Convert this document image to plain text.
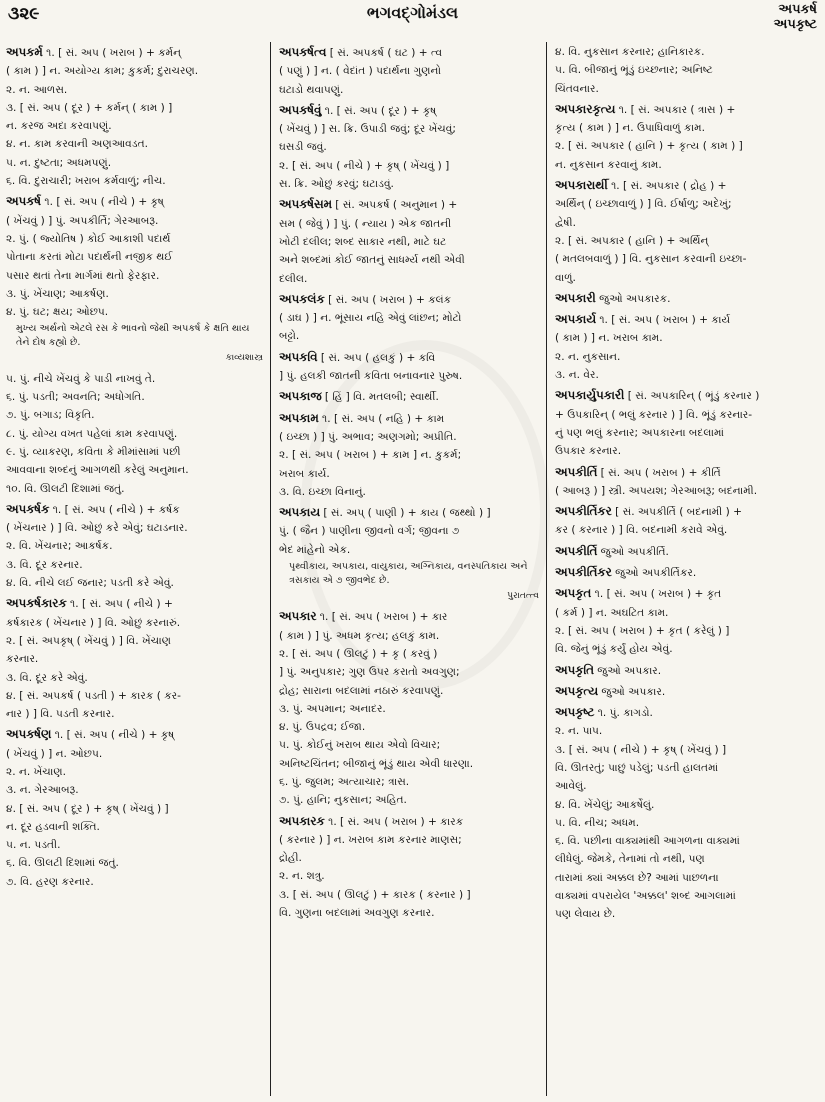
૩૨૯	ભગવદ્ગોમંડલ	અપકર્ષ
અપકૃષ્ટ
અપકર્મ ૧. [ સં. અપ ( ખરાબ ) + કર્મન્
( કામ ) ] ન. અયોગ્ય કામ; કુકર્મ; દુરાચરણ.
૨. ન. આળસ.
૩. [ સં. અપ ( દૂર ) + કર્મન્ ( કામ ) ]
ન. કરજ અદા કરવાપણું.
૪. ન. કામ કરવાની અણઆવડત.
૫. ન. દુષ્ટતા; અધમપણું.
૬. વિ. દુરાચારી; ખરાબ કર્મવાળું; નીચ.
અપકર્ષ ૧. [ સં. અપ ( નીચે ) + કૃષ્
( ખેંચવું ) ] પું. અપકીર્તિ; ગેરઆબરૂ.
૨. પું. ( જ્યોતિષ ) કોઈ આકાશી પદાર્થ
પોતાના કરતાં મોટા પદાર્થની નજીક થઈ
પસાર થતાં તેના માર્ગમાં થતો ફેરફાર.
૩. પું. ખેંચાણ; આકર્ષણ.
૪. પું. ઘટ; ક્ષય; ઓછપ.
મુખ્ય અર્થનો એટલે રસ કે ભાવનો જેથી અપકર્ષ કે ક્ષતિ થાય તેને દોષ કહ્યો છે.
કાવ્યશાસ્ત્ર
૫. પું. નીચે ખેંચવું કે પાડી નાખવું તે.
૬. પું. પડતી; અવનતિ; અધોગતિ.
૭. પું. બગાડ; વિકૃતિ.
૮. પું. યોગ્ય વખત પહેલાં કામ કરવાપણું.
૯. પું. વ્યાકરણ, કવિતા કે મીમાંસામાં પછી
આવવાના શબ્દનું આગળથી કરેલું અનુમાન.
૧૦. વિ. ઊલટી દિશામાં જતું.
અપકર્ષક ૧. [ સં. અપ ( નીચે ) + કર્ષક
( ખેંચનાર ) ] વિ. ઓછું કરે એવું; ઘટાડનાર.
૨. વિ. ખેંચનાર; આકર્ષક.
૩. વિ. દૂર કરનાર.
૪. વિ. નીચે લઈ જનાર; પડતી કરે એવું.
અપકર્ષકારક ૧. [ સં. અપ ( નીચે ) +
કર્ષકારક ( ખેંચનાર ) ] વિ. ઓછું કરનારું.
૨. [ સં. અપકૃષ્ ( ખેંચવું ) ] વિ. ખેંચાણ
કરનાર.
૩. વિ. દૂર કરે એવું.
૪. [ સં. અપકર્ષ ( પડતી ) + કારક ( કર-
નાર ) ] વિ. પડતી કરનાર.
અપકર્ષણ ૧. [ સં. અપ ( નીચે ) + કૃષ્
( ખેંચવું ) ] ન. ઓછપ.
૨. ન. ખેંચાણ.
૩. ન. ગેરઆબરૂ.
૪. [ સં. અપ ( દૂર ) + કૃષ્ ( ખેંચવું ) ]
ન. દૂર હડવાની શક્તિ.
૫. ન. પડતી.
૬. વિ. ઊલટી દિશામાં જતું.
૭. વિ. હરણ કરનાર.
અપકર્ષત્વ [ સં. અપકર્ષ ( ઘટ ) + ત્વ
( પણું ) ] ન. ( વેદાંત ) પદાર્થના ગુણનો
ઘટાડો થવાપણું.
અપકર્ષવું ૧. [ સં. અપ ( દૂર ) + કૃષ્
( ખેંચવું ) ] સ. ક્રિ. ઉપાડી જવું; દૂર ખેંચવું;
ઘસડી જવું.
૨. [ સં. અપ ( નીચે ) + કૃષ્ ( ખેંચવું ) ]
સ. ક્રિ. ઓછું કરવું; ઘટાડવું.
અપકર્ષસમ [ સં. અપકર્ષ ( અનુમાન ) +
સમ ( જેવું ) ] પું. ( ન્યાય ) એક જાતની
ખોટી દલીલ; શબ્દ સાકાર નથી, માટે ઘટ
અને શબ્દમાં કોઈ જાતનું સાધર્મ્ય નથી એવી
દલીલ.
અપકલંક [ સં. અપ ( ખરાબ ) + કલંક
( ડાઘ ) ] ન. ભૂંસાય નહિ એવું લાંછન; મોટો
બટ્ટો.
અપકવિ [ સં. અપ ( હલકું ) + કવિ
] પું. હલકી જાતની કવિતા બનાવનાર પુરુષ.
અપકાજ [ હિં ] વિ. મતલબી; સ્વાર્થી.
અપકામ ૧. [ સં. અપ ( નહિ ) + કામ
( ઇચ્છા ) ] પું. અભાવ; અણગમો; અપ્રીતિ.
૨. [ સં. અપ ( ખરાબ ) + કામ ] ન. કુકર્મ;
ખરાબ કાર્ય.
૩. વિ. ઇચ્છા વિનાનું.
અપકાય [ સં. અપ્ ( પાણી ) + કાય ( જથ્થો ) ]
પું. ( જૈન ) પાણીના જીવનો વર્ગ; જીવના ૭
ભેદ માંહેનો એક.
પૃથ્વીકાય, અપકાય, વાયુકાય, અગ્નિકાય, વનસ્પતિકાય અને ત્રસકાય એ ૭ જીવભેદ છે.
પુરાતત્ત્વ
અપકાર ૧. [ સં. અપ ( ખરાબ ) + કાર
( કામ ) ] પું. અધમ કૃત્ય; હલકું કામ.
૨. [ સં. અપ ( ઊલટું ) + કૃ ( કરવું )
] પું. અનુપકાર; ગુણ ઉપર કરાતો અવગુણ;
દ્રોહ; સારાના બદલામાં નઠારું કરવાપણું.
૩. પું. અપમાન; અનાદર.
૪. પું. ઉપદ્રવ; ઈજા.
૫. પું. કોઈનું ખરાબ થાય એવો વિચાર;
અનિષ્ટચિંતન; બીજાનું ભૂંડું થાય એવી ધારણા.
૬. પું. જુલમ; અત્યાચાર; ત્રાસ.
૭. પું. હાનિ; નુકસાન; અહિત.
અપકારક ૧. [ સં. અપ ( ખરાબ ) + કારક
( કરનાર ) ] ન. ખરાબ કામ કરનાર માણસ;
દ્રોહી.
૨. ન. શત્રુ.
૩. [ સં. અપ ( ઊલટું ) + કારક ( કરનાર ) ]
વિ. ગુણના બદલામાં અવગુણ કરનાર.
૪. વિ. નુકસાન કરનાર; હાનિકારક.
૫. વિ. બીજાનું ભૂંડું ઇચ્છનાર; અનિષ્ટ
ચિંતવનાર.
અપકારકૃત્ય ૧. [ સં. અપકાર ( ત્રાસ ) +
કૃત્ય ( કામ ) ] ન. ઉપાધિવાળું કામ.
૨. [ સં. અપકાર ( હાનિ ) + કૃત્ય ( કામ ) ]
ન. નુકસાન કરવાનું કામ.
અપકારાર્થી ૧. [ સં. અપકાર ( દ્રોહ ) +
અર્થિન્ ( ઇચ્છાવાળું ) ] વિ. ઈર્ષાળુ; અદેખું;
દ્વેષી.
૨. [ સં. અપકાર ( હાનિ ) + અર્થિન્
( મતલબવાળું ) ] વિ. નુકસાન કરવાની ઇચ્છા-
વાળું.
અપકારી જુઓ અપકારક.
અપકાર્ય ૧. [ સં. અપ ( ખરાબ ) + કાર્ય
( કામ ) ] ન. ખરાબ કામ.
૨. ન. નુકસાન.
૩. ન. વેર.
અપકાર્યુપકારી [ સં. અપકારિન્ ( ભૂંડું કરનાર )
+ ઉપકારિન્ ( ભલું કરનાર ) ] વિ. ભૂંડું કરનાર-
નું પણ ભલું કરનાર; અપકારના બદલામાં
ઉપકાર કરનાર.
અપકીર્તિ [ સં. અપ ( ખરાબ ) + કીર્તિ
( આબરૂ ) ] સ્ત્રી. અપયશ; ગેરઆબરૂ; બદનામી.
અપકીર્તિકર [ સં. અપકીર્તિ ( બદનામી ) +
કર ( કરનાર ) ] વિ. બદનામી કરાવે એવું.
અપકીર્તિ જુઓ અપકીર્તિ.
અપકીર્તિકર જુઓ અપકીર્તિકર.
અપકૃત ૧. [ સં. અપ ( ખરાબ ) + કૃત
( કર્મ ) ] ન. અઘટિત કામ.
૨. [ સં. અપ ( ખરાબ ) + કૃત ( કરેલું ) ]
વિ. જેનું ભૂંડું કર્યું હોય એવું.
અપકૃતિ જુઓ અપકાર.
અપકૃત્ય જુઓ અપકાર.
અપકૃષ્ટ ૧. પું. કાગડો.
૨. ન. પાપ.
૩. [ સં. અપ ( નીચે ) + કૃષ્ ( ખેંચવું ) ]
વિ. ઊતરતું; પાછું પડેલું; પડતી હાલતમાં
આવેલું.
૪. વિ. ખેંચેલું; આકર્ષેલું.
૫. વિ. નીચ; અધમ.
૬. વિ. પછીના વાક્યમાંથી આગળના વાક્યમાં
લીધેલું. જેમકે, તેનામાં તો નથી, પણ
તારામાં ક્યાં અક્કલ છે? આમાં પાછળના
વાક્યમાં વપરાયેલ 'અક્કલ' શબ્દ આગલામાં
પણ લેવાય છે.
